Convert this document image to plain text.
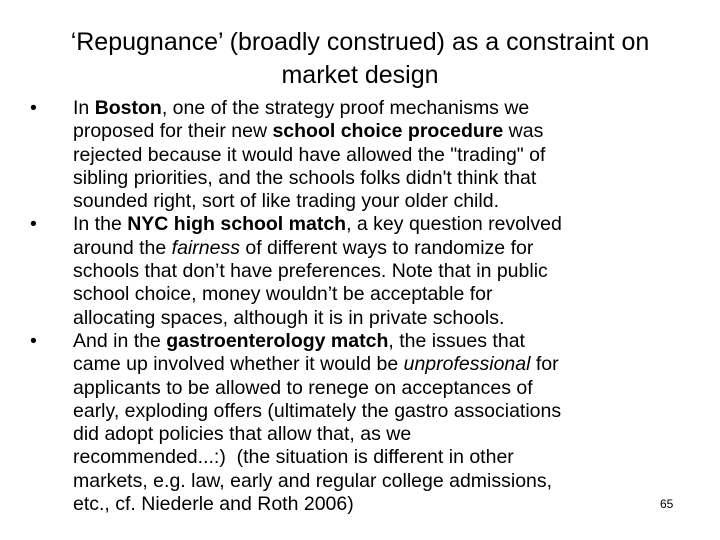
‘Repugnance’ (broadly construed) as a constraint on
market design
• In Boston, one of the strategy proof mechanisms we
proposed for their new school choice procedure was
rejected because it would have allowed the "trading" of
sibling priorities, and the schools folks didn't think that
sounded right, sort of like trading your older child.
• In the NYC high school match, a key question revolved
around the fairness of different ways to randomize for
schools that don’t have preferences. Note that in public
school choice, money wouldn’t be acceptable for
allocating spaces, although it is in private schools.
• And in the gastroenterology match, the issues that
came up involved whether it would be unprofessional for
applicants to be allowed to renege on acceptances of
early, exploding offers (ultimately the gastro associations
did adopt policies that allow that, as we
recommended...:)  (the situation is different in other
markets, e.g. law, early and regular college admissions,
etc., cf. Niederle and Roth 2006)	65
